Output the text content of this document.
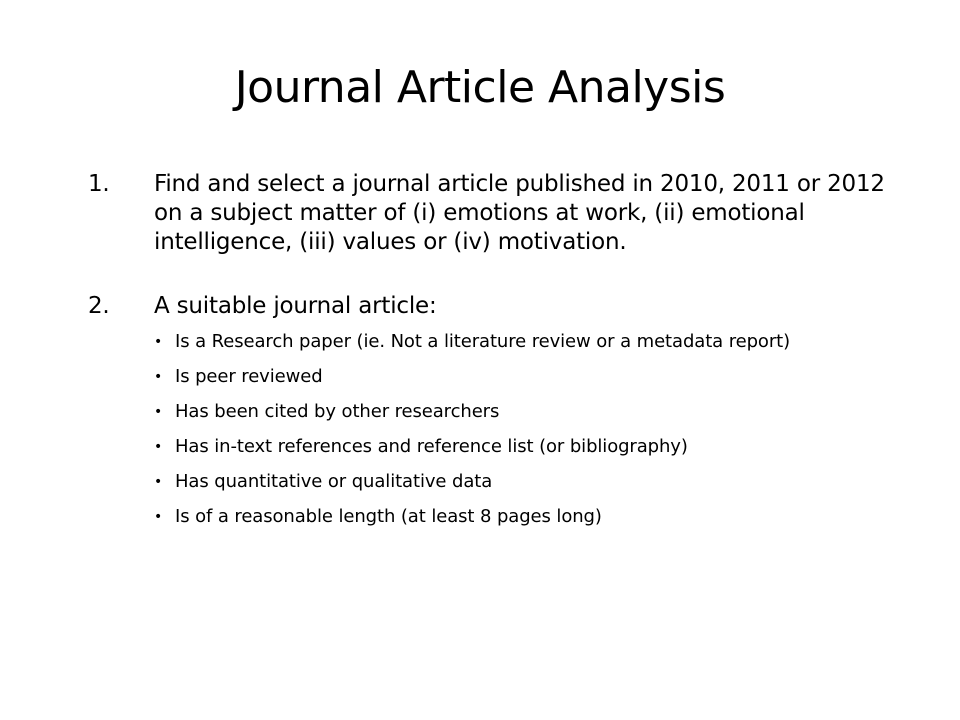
Journal Article Analysis
1.	Find and select a journal article published in 2010, 2011 or 2012 on a subject matter of (i) emotions at work, (ii) emotional intelligence, (iii) values or (iv) motivation.
2.	A suitable journal article:
• Is a Research paper (ie. Not a literature review or a metadata report)
• Is peer reviewed
• Has been cited by other researchers
• Has in-text references and reference list (or bibliography)
• Has quantitative or qualitative data
• Is of a reasonable length (at least 8 pages long)
